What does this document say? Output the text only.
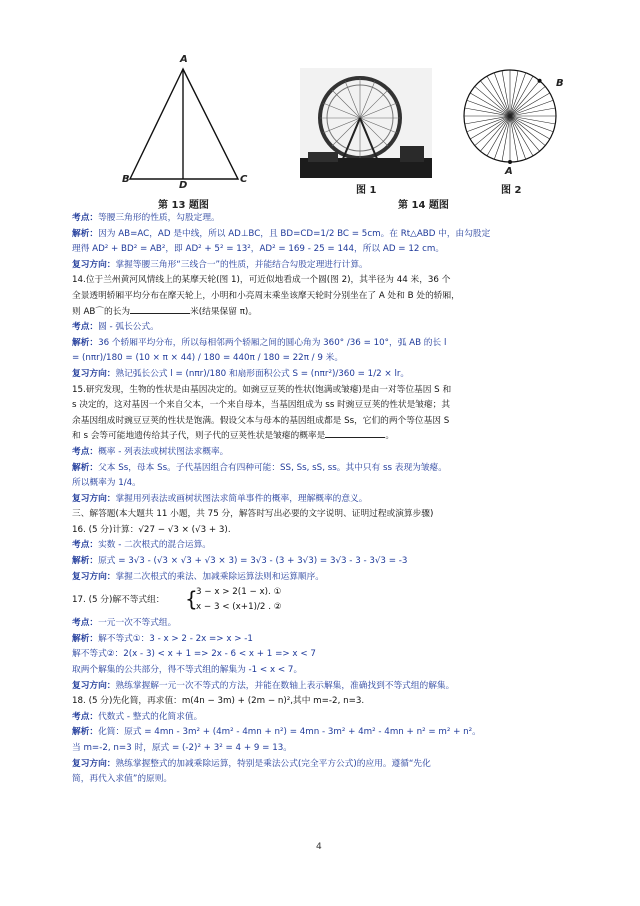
A
B
D
C
第 13 题图
图 1
A
B
图 2
第 14 题图
考点：等腰三角形的性质，勾股定理。
解析：因为 AB=AC，AD 是中线，所以 AD⊥BC，且 BD=CD=1/2 BC = 5cm。在 Rt△ABD 中，由勾股定
理得 AD² + BD² = AB²，即 AD² + 5² = 13²，AD² = 169 - 25 = 144，所以 AD = 12 cm。
复习方向：掌握等腰三角形“三线合一”的性质，并能结合勾股定理进行计算。
14.位于兰州黄河风情线上的某摩天轮(图 1)，可近似地看成一个圆(图 2)，其半径为 44 米，36 个
全景透明轿厢平均分布在摩天轮上，小明和小亮周末乘坐该摩天轮时分别坐在了 A 处和 B 处的轿厢，
则 AB⌒的长为	米(结果保留 π)。
考点：圆 - 弧长公式。
解析：36 个轿厢平均分布，所以每相邻两个轿厢之间的圆心角为 360° /36 = 10°，弧 AB 的长 l
= (nπr)/180 = (10 × π × 44) / 180 = 440π / 180 = 22π / 9 米。
复习方向：熟记弧长公式 l = (nπr)/180 和扇形面积公式 S = (nπr²)/360 = 1/2 × lr。
15.研究发现，生物的性状是由基因决定的。如豌豆豆荚的性状(饱满或皱瘪)是由一对等位基因 S 和
s 决定的，这对基因一个来自父本，一个来自母本，当基因组成为 ss 时豌豆豆荚的性状是皱瘪；其
余基因组成时豌豆豆荚的性状是饱满。假设父本与母本的基因组成都是 Ss，它们的两个等位基因 S
和 s 会等可能地遗传给其子代，则子代的豆荚性状是皱瘪的概率是	。
考点：概率 - 列表法或树状图法求概率。
解析：父本 Ss，母本 Ss。子代基因组合有四种可能：SS, Ss, sS, ss。其中只有 ss 表现为皱瘪。
所以概率为 1/4。
复习方向：掌握用列表法或画树状图法求简单事件的概率，理解概率的意义。
三、解答题(本大题共 11 小题，共 75 分，解答时写出必要的文字说明、证明过程或演算步骤)
16. (5 分)计算：√27 − √3 × (√3 + 3).
考点：实数 - 二次根式的混合运算。
解析：原式 = 3√3 - (√3 × √3 + √3 × 3) = 3√3 - (3 + 3√3) = 3√3 - 3 - 3√3 = -3
复习方向：掌握二次根式的乘法、加减乘除运算法则和运算顺序。
17. (5 分)解不等式组： {
3 − x > 2(1 − x). ①
x − 3 < (x+1)/2 . ②
考点：一元一次不等式组。
解析：解不等式①：3 - x > 2 - 2x => x > -1
解不等式②：2(x - 3) < x + 1 => 2x - 6 < x + 1 => x < 7
取两个解集的公共部分，得不等式组的解集为 -1 < x < 7。
复习方向：熟练掌握解一元一次不等式的方法，并能在数轴上表示解集，准确找到不等式组的解集。
18. (5 分)先化简，再求值：m(4n − 3m) + (2m − n)²,其中 m=-2, n=3.
考点：代数式 - 整式的化简求值。
解析：化简：原式 = 4mn - 3m² + (4m² - 4mn + n²) = 4mn - 3m² + 4m² - 4mn + n² = m² + n²。
当 m=-2, n=3 时，原式 = (-2)² + 3² = 4 + 9 = 13。
复习方向：熟练掌握整式的加减乘除运算，特别是乘法公式(完全平方公式)的应用。遵循“先化
简，再代入求值”的原则。
4
